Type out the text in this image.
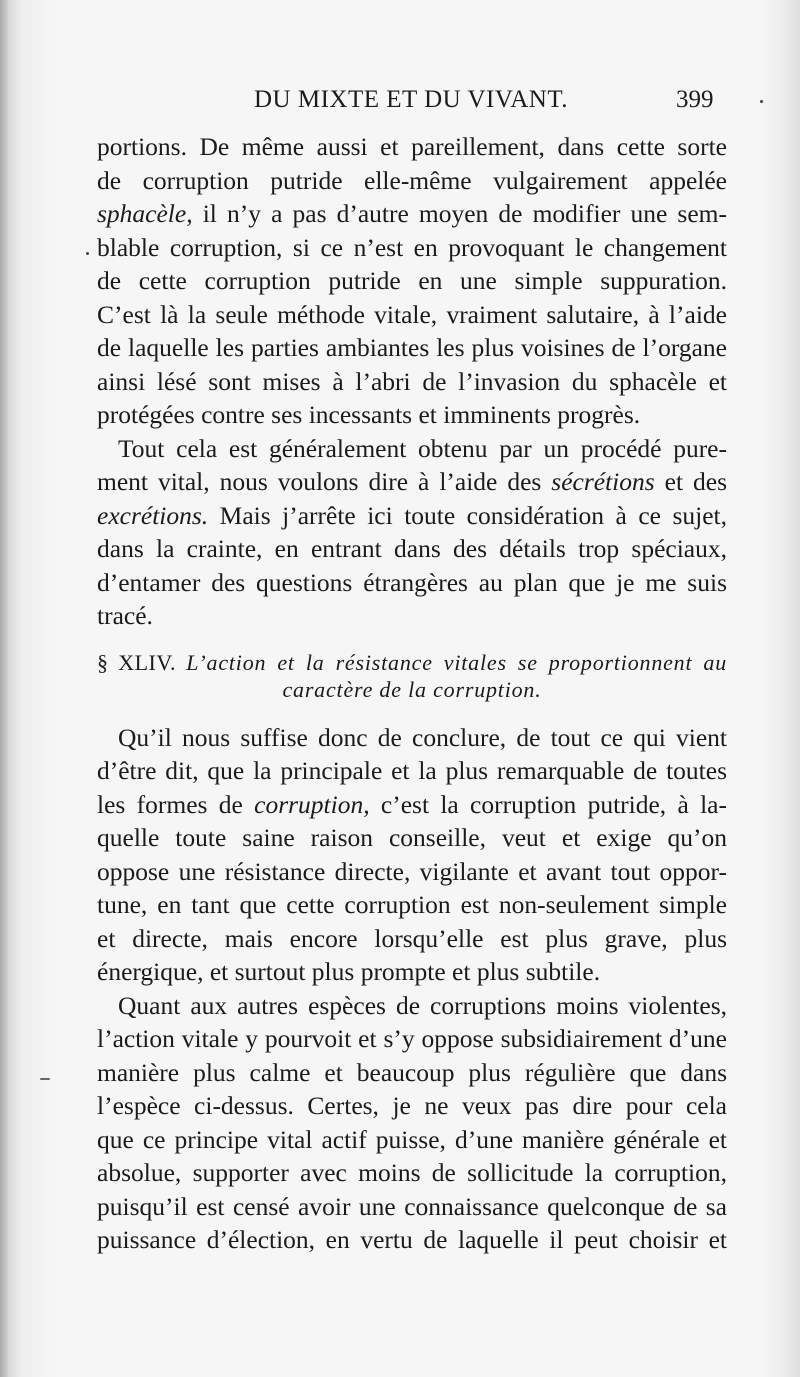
DU MIXTE ET DU VIVANT.	399
portions. De même aussi et pareillement, dans cette sorte
de corruption putride elle-même vulgairement appelée
sphacèle, il n’y a pas d’autre moyen de modifier une sem-
blable corruption, si ce n’est en provoquant le changement
de cette corruption putride en une simple suppuration.
C’est là la seule méthode vitale, vraiment salutaire, à l’aide
de laquelle les parties ambiantes les plus voisines de l’organe
ainsi lésé sont mises à l’abri de l’invasion du sphacèle et
protégées contre ses incessants et imminents progrès.
Tout cela est généralement obtenu par un procédé pure-
ment vital, nous voulons dire à l’aide des sécrétions et des
excrétions. Mais j’arrête ici toute considération à ce sujet,
dans la crainte, en entrant dans des détails trop spéciaux,
d’entamer des questions étrangères au plan que je me suis
tracé.
§ XLIV. L’action et la résistance vitales se proportionnent au
caractère de la corruption.
Qu’il nous suffise donc de conclure, de tout ce qui vient
d’être dit, que la principale et la plus remarquable de toutes
les formes de corruption, c’est la corruption putride, à la-
quelle toute saine raison conseille, veut et exige qu’on
oppose une résistance directe, vigilante et avant tout oppor-
tune, en tant que cette corruption est non-seulement simple
et directe, mais encore lorsqu’elle est plus grave, plus
énergique, et surtout plus prompte et plus subtile.
Quant aux autres espèces de corruptions moins violentes,
l’action vitale y pourvoit et s’y oppose subsidiairement d’une
manière plus calme et beaucoup plus régulière que dans
l’espèce ci-dessus. Certes, je ne veux pas dire pour cela
que ce principe vital actif puisse, d’une manière générale et
absolue, supporter avec moins de sollicitude la corruption,
puisqu’il est censé avoir une connaissance quelconque de sa
puissance d’élection, en vertu de laquelle il peut choisir et
